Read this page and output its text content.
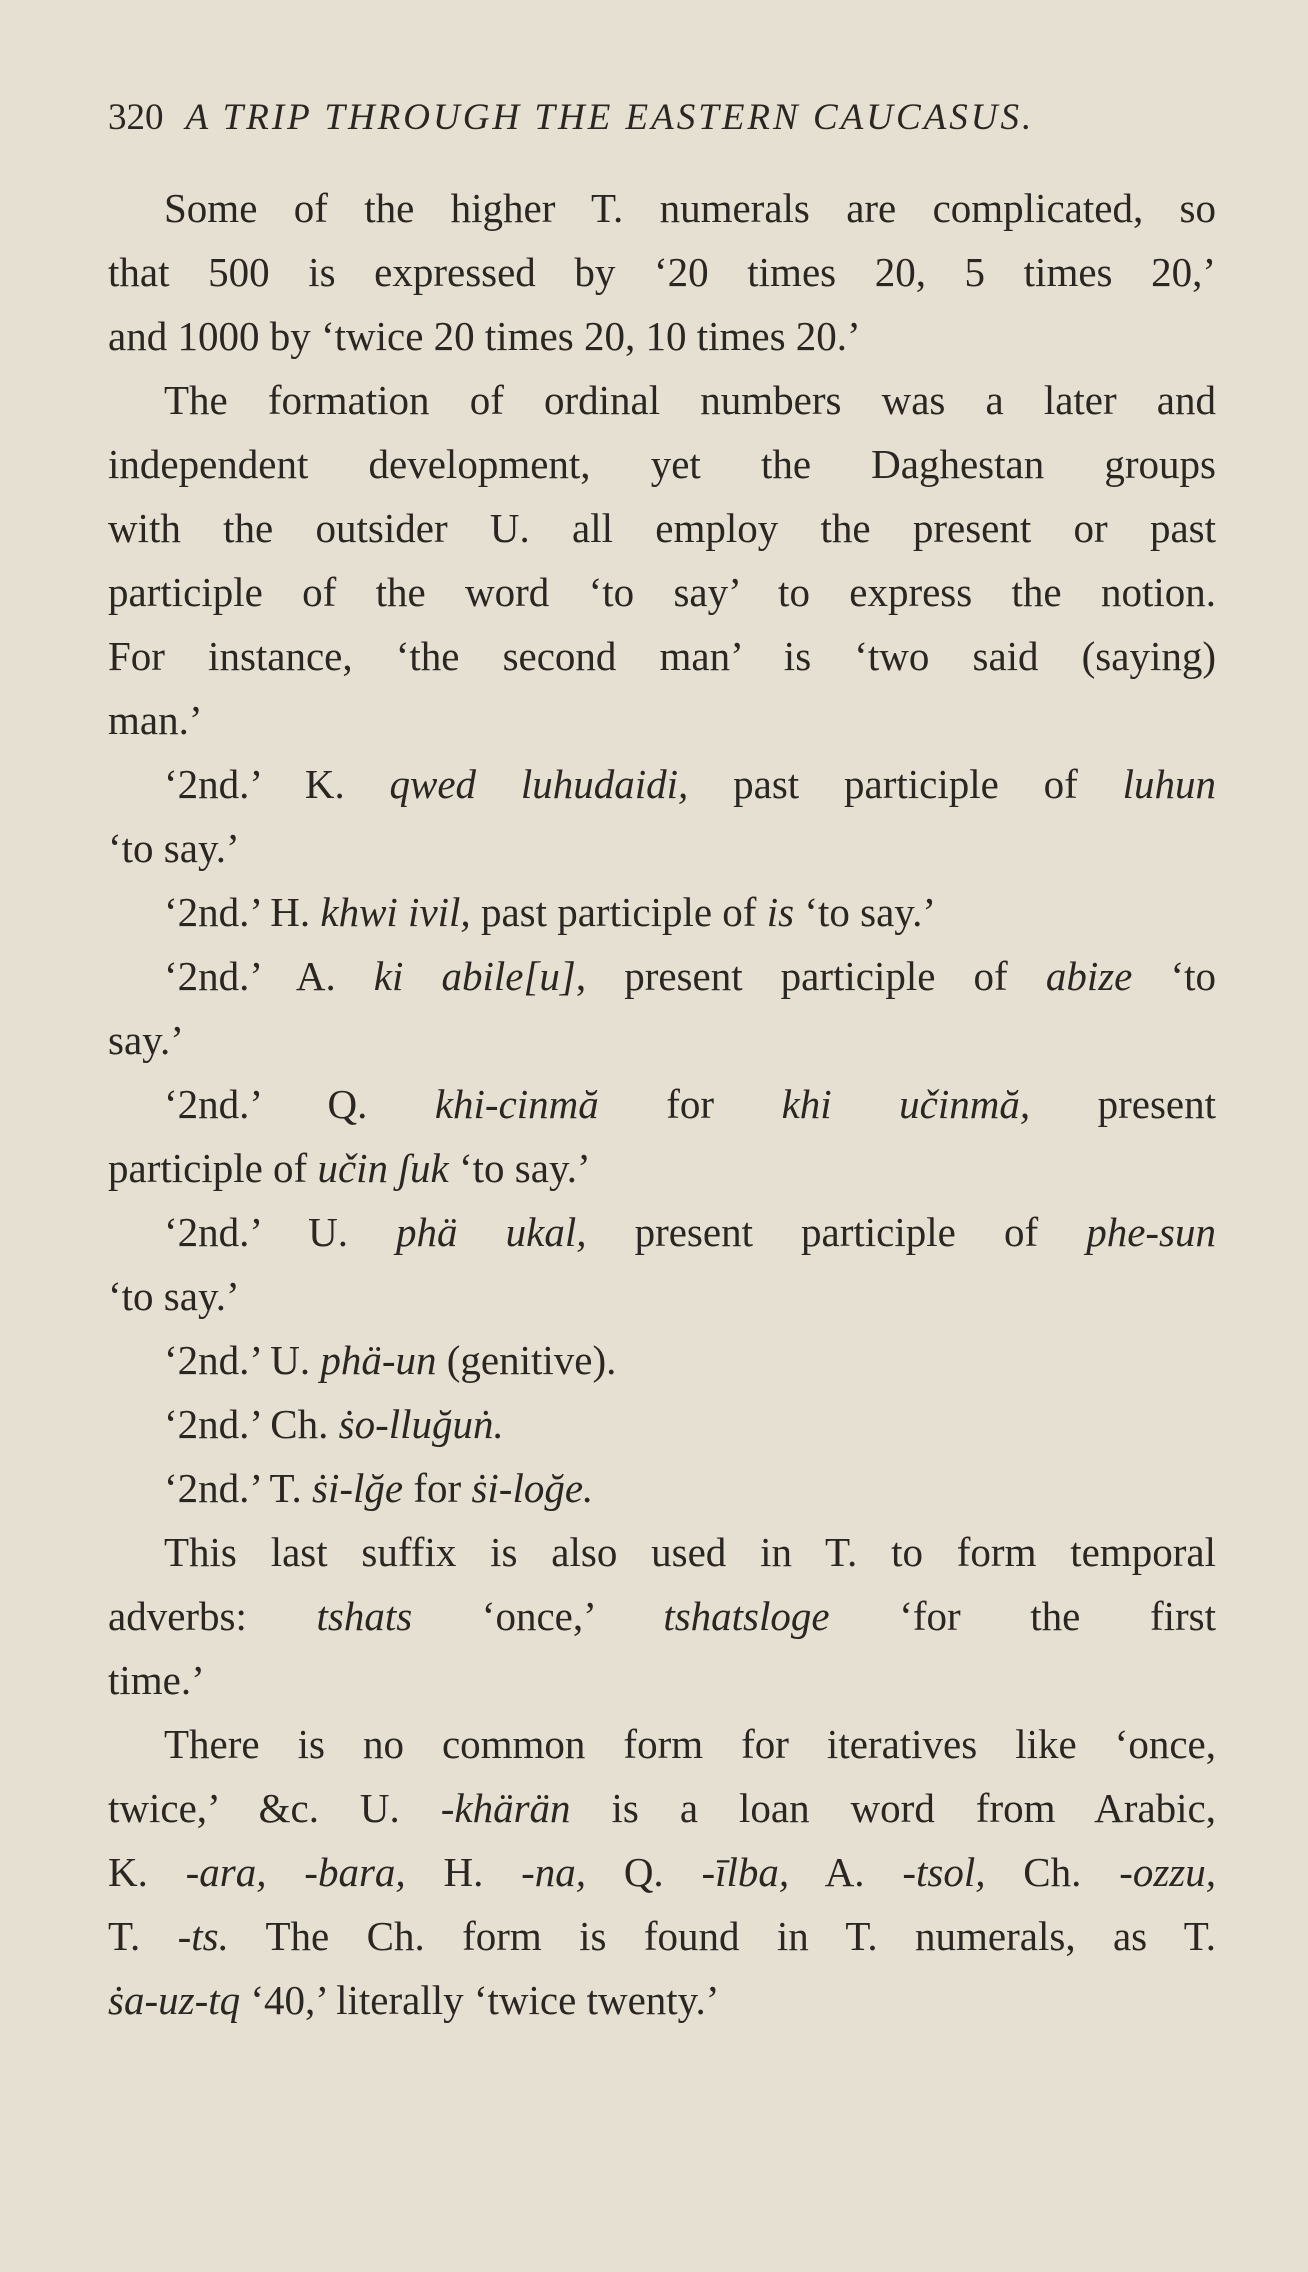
320 A TRIP THROUGH THE EASTERN CAUCASUS.
Some of the higher T. numerals are complicated, so
that 500 is expressed by ‘20 times 20, 5 times 20,’
and 1000 by ‘twice 20 times 20, 10 times 20.’
The formation of ordinal numbers was a later and
independent development, yet the Daghestan groups
with the outsider U. all employ the present or past
participle of the word ‘to say’ to express the notion.
For instance, ‘the second man’ is ‘two said (saying)
man.’
‘2nd.’ K. qwed luhudaidi, past participle of luhun
‘to say.’
‘2nd.’ H. khwi ivil, past participle of is ‘to say.’
‘2nd.’ A. ki abile[u], present participle of abize ‘to
say.’
‘2nd.’ Q. khi-cinmă for khi učinmă, present
participle of učin ʃuk ‘to say.’
‘2nd.’ U. phä ukal, present participle of phe-sun
‘to say.’
‘2nd.’ U. phä-un (genitive).
‘2nd.’ Ch. ṡo-lluğuṅ.
‘2nd.’ T. ṡi-lğe for ṡi-loğe.
This last suffix is also used in T. to form temporal
adverbs: tshats ‘once,’ tshatsloge ‘for the first
time.’
There is no common form for iteratives like ‘once,
twice,’ &c. U. -khärän is a loan word from Arabic,
K. -ara, -bara, H. -na, Q. -īlba, A. -tsol, Ch. -ozzu,
T. -ts. The Ch. form is found in T. numerals, as T.
ṡa-uz-tq ‘40,’ literally ‘twice twenty.’
